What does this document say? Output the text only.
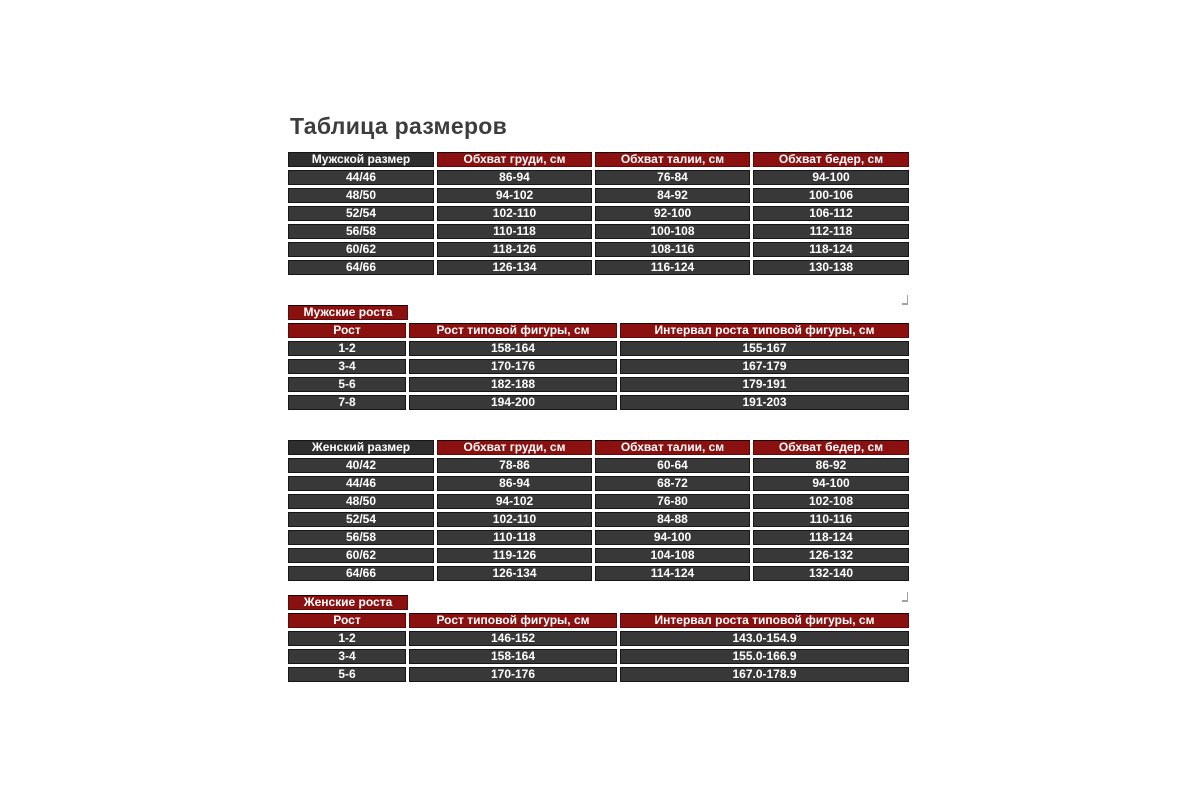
Таблица размеров
Мужской размер	Обхват груди, см	Обхват талии, см	Обхват бедер, см
44/46	86-94	76-84	94-100
48/50	94-102	84-92	100-106
52/54	102-110	92-100	106-112
56/58	110-118	100-108	112-118
60/62	118-126	108-116	118-124
64/66	126-134	116-124	130-138
Мужские роста
Рост	Рост типовой фигуры, см	Интервал роста типовой фигуры, см
1-2	158-164	155-167
3-4	170-176	167-179
5-6	182-188	179-191
7-8	194-200	191-203
Женский размер	Обхват груди, см	Обхват талии, см	Обхват бедер, см
40/42	78-86	60-64	86-92
44/46	86-94	68-72	94-100
48/50	94-102	76-80	102-108
52/54	102-110	84-88	110-116
56/58	110-118	94-100	118-124
60/62	119-126	104-108	126-132
64/66	126-134	114-124	132-140
Женские роста
Рост	Рост типовой фигуры, см	Интервал роста типовой фигуры, см
1-2	146-152	143.0-154.9
3-4	158-164	155.0-166.9
5-6	170-176	167.0-178.9
